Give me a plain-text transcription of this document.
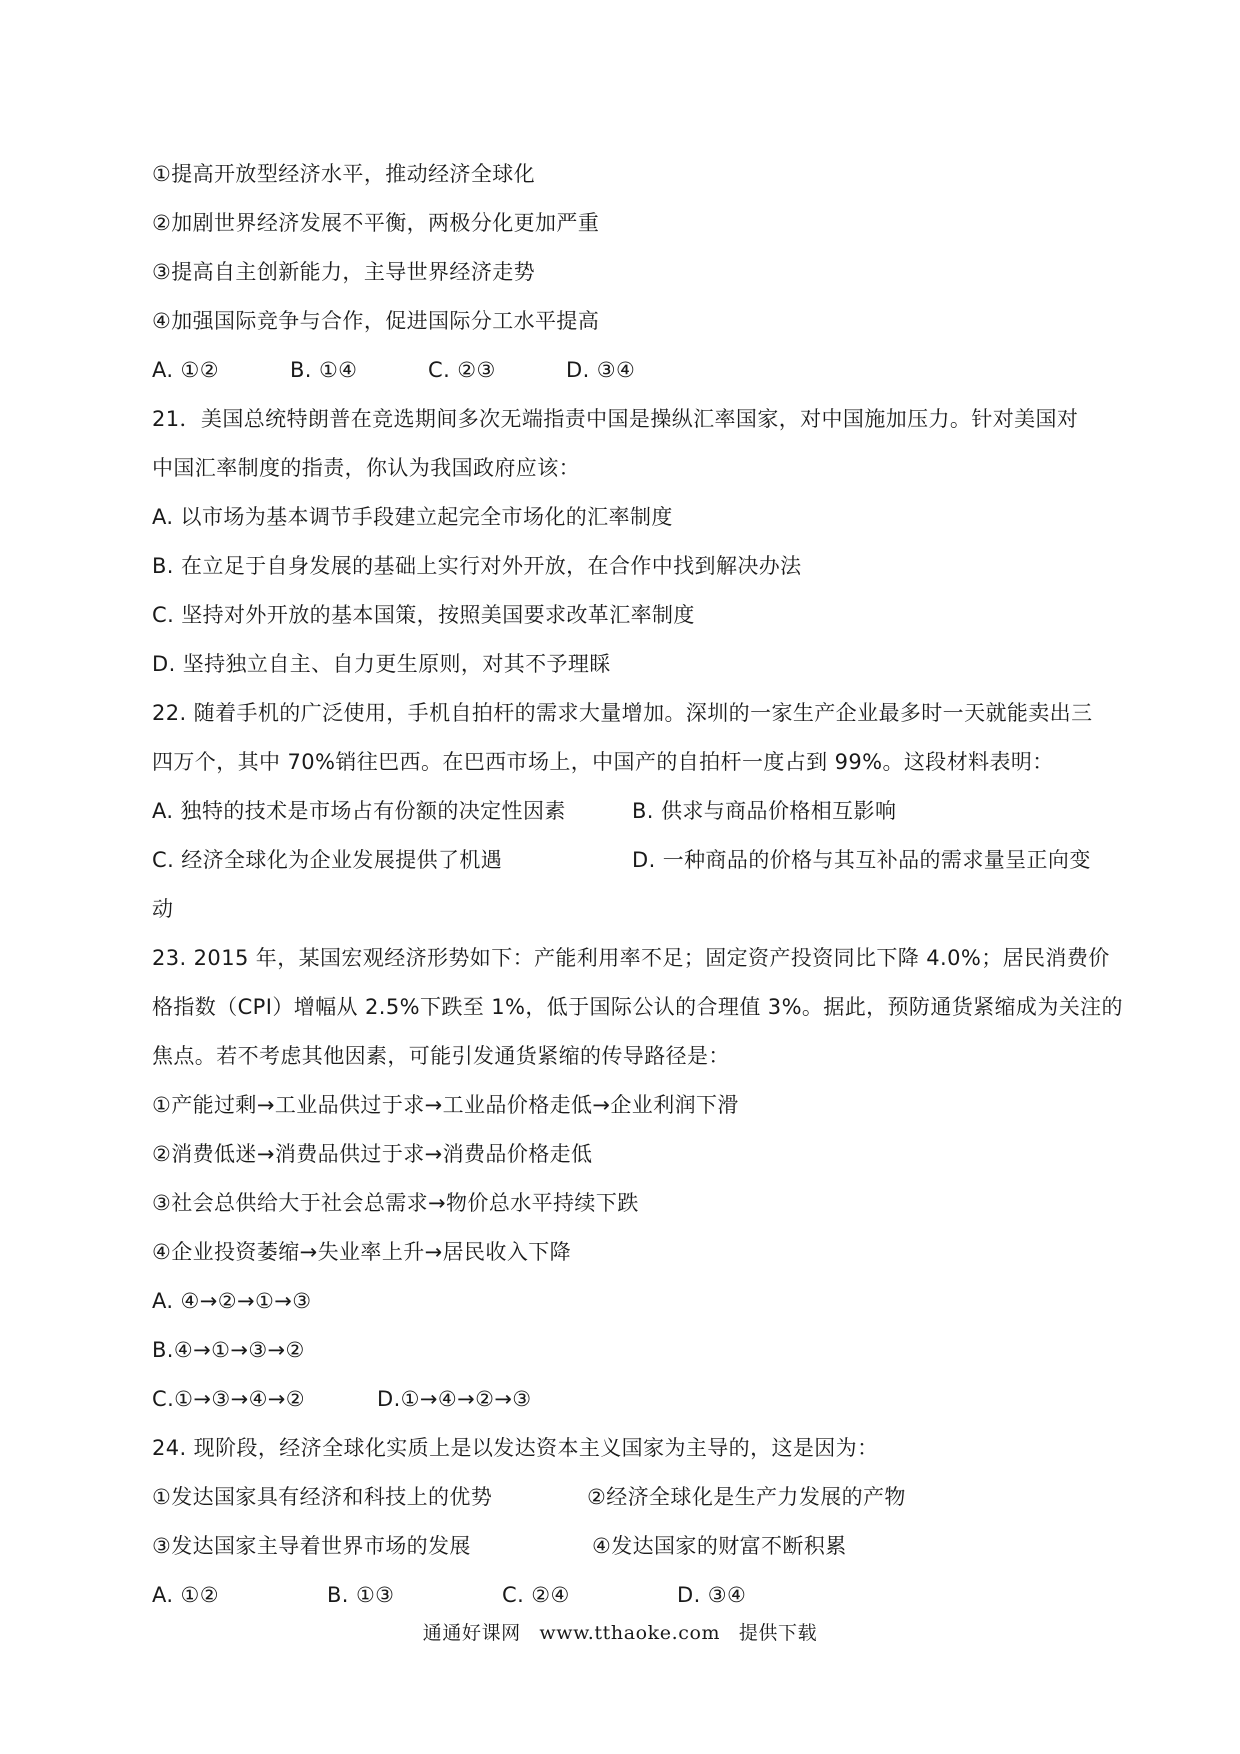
①提高开放型经济水平，推动经济全球化
②加剧世界经济发展不平衡，两极分化更加严重
③提高自主创新能力，主导世界经济走势
④加强国际竞争与合作，促进国际分工水平提高
A. ①②	B. ①④	C. ②③	D. ③④
21．美国总统特朗普在竞选期间多次无端指责中国是操纵汇率国家，对中国施加压力。针对美国对
中国汇率制度的指责，你认为我国政府应该：
A. 以市场为基本调节手段建立起完全市场化的汇率制度
B. 在立足于自身发展的基础上实行对外开放，在合作中找到解决办法
C. 坚持对外开放的基本国策，按照美国要求改革汇率制度
D. 坚持独立自主、自力更生原则，对其不予理睬
22. 随着手机的广泛使用，手机自拍杆的需求大量增加。深圳的一家生产企业最多时一天就能卖出三
四万个，其中 70%销往巴西。在巴西市场上，中国产的自拍杆一度占到 99%。这段材料表明：
A. 独特的技术是市场占有份额的决定性因素	B. 供求与商品价格相互影响
C. 经济全球化为企业发展提供了机遇	D. 一种商品的价格与其互补品的需求量呈正向变
动
23. 2015 年，某国宏观经济形势如下：产能利用率不足；固定资产投资同比下降 4.0%；居民消费价
格指数（CPI）增幅从 2.5%下跌至 1%，低于国际公认的合理值 3%。据此，预防通货紧缩成为关注的
焦点。若不考虑其他因素，可能引发通货紧缩的传导路径是：
①产能过剩→工业品供过于求→工业品价格走低→企业利润下滑
②消费低迷→消费品供过于求→消费品价格走低
③社会总供给大于社会总需求→物价总水平持续下跌
④企业投资萎缩→失业率上升→居民收入下降
A. ④→②→①→③
B.④→①→③→②
C.①→③→④→②	D.①→④→②→③
24. 现阶段，经济全球化实质上是以发达资本主义国家为主导的，这是因为：
①发达国家具有经济和科技上的优势	②经济全球化是生产力发展的产物
③发达国家主导着世界市场的发展	④发达国家的财富不断积累
A. ①②	B. ①③	C. ②④	D. ③④
通通好课网 www.tthaoke.com 提供下载
